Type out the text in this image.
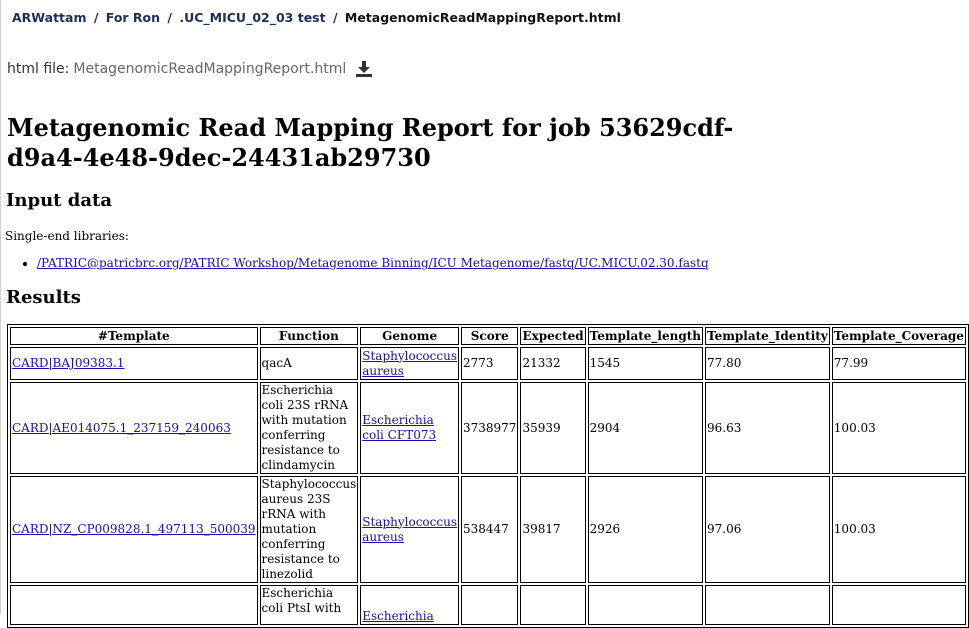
ARWattam / For Ron / .UC_MICU_02_03 test / MetagenomicReadMappingReport.html
html file: MetagenomicReadMappingReport.html
Metagenomic Read Mapping Report for job 53629cdf-d9a4-4e48-9dec-24431ab29730
Input data
Single-end libraries:
• /PATRIC@patricbrc.org/PATRIC Workshop/Metagenome Binning/ICU Metagenome/fastq/UC.MICU.02.30.fastq
Results
#Template	Function	Genome	Score	Expected	Template_length	Template_Identity	Template_Coverage
CARD|BAJ09383.1	qacA	Staphylococcus aureus	2773	21332	1545	77.80	77.99
CARD|AE014075.1_237159_240063	Escherichia coli 23S rRNA with mutation conferring resistance to clindamycin	Escherichia coli CFT073	3738977	35939	2904	96.63	100.03
CARD|NZ_CP009828.1_497113_500039	Staphylococcus aureus 23S rRNA with mutation conferring resistance to linezolid	Staphylococcus aureus	538447	39817	2926	97.06	100.03
	Escherichia coli PtsI with	Escherichia					
